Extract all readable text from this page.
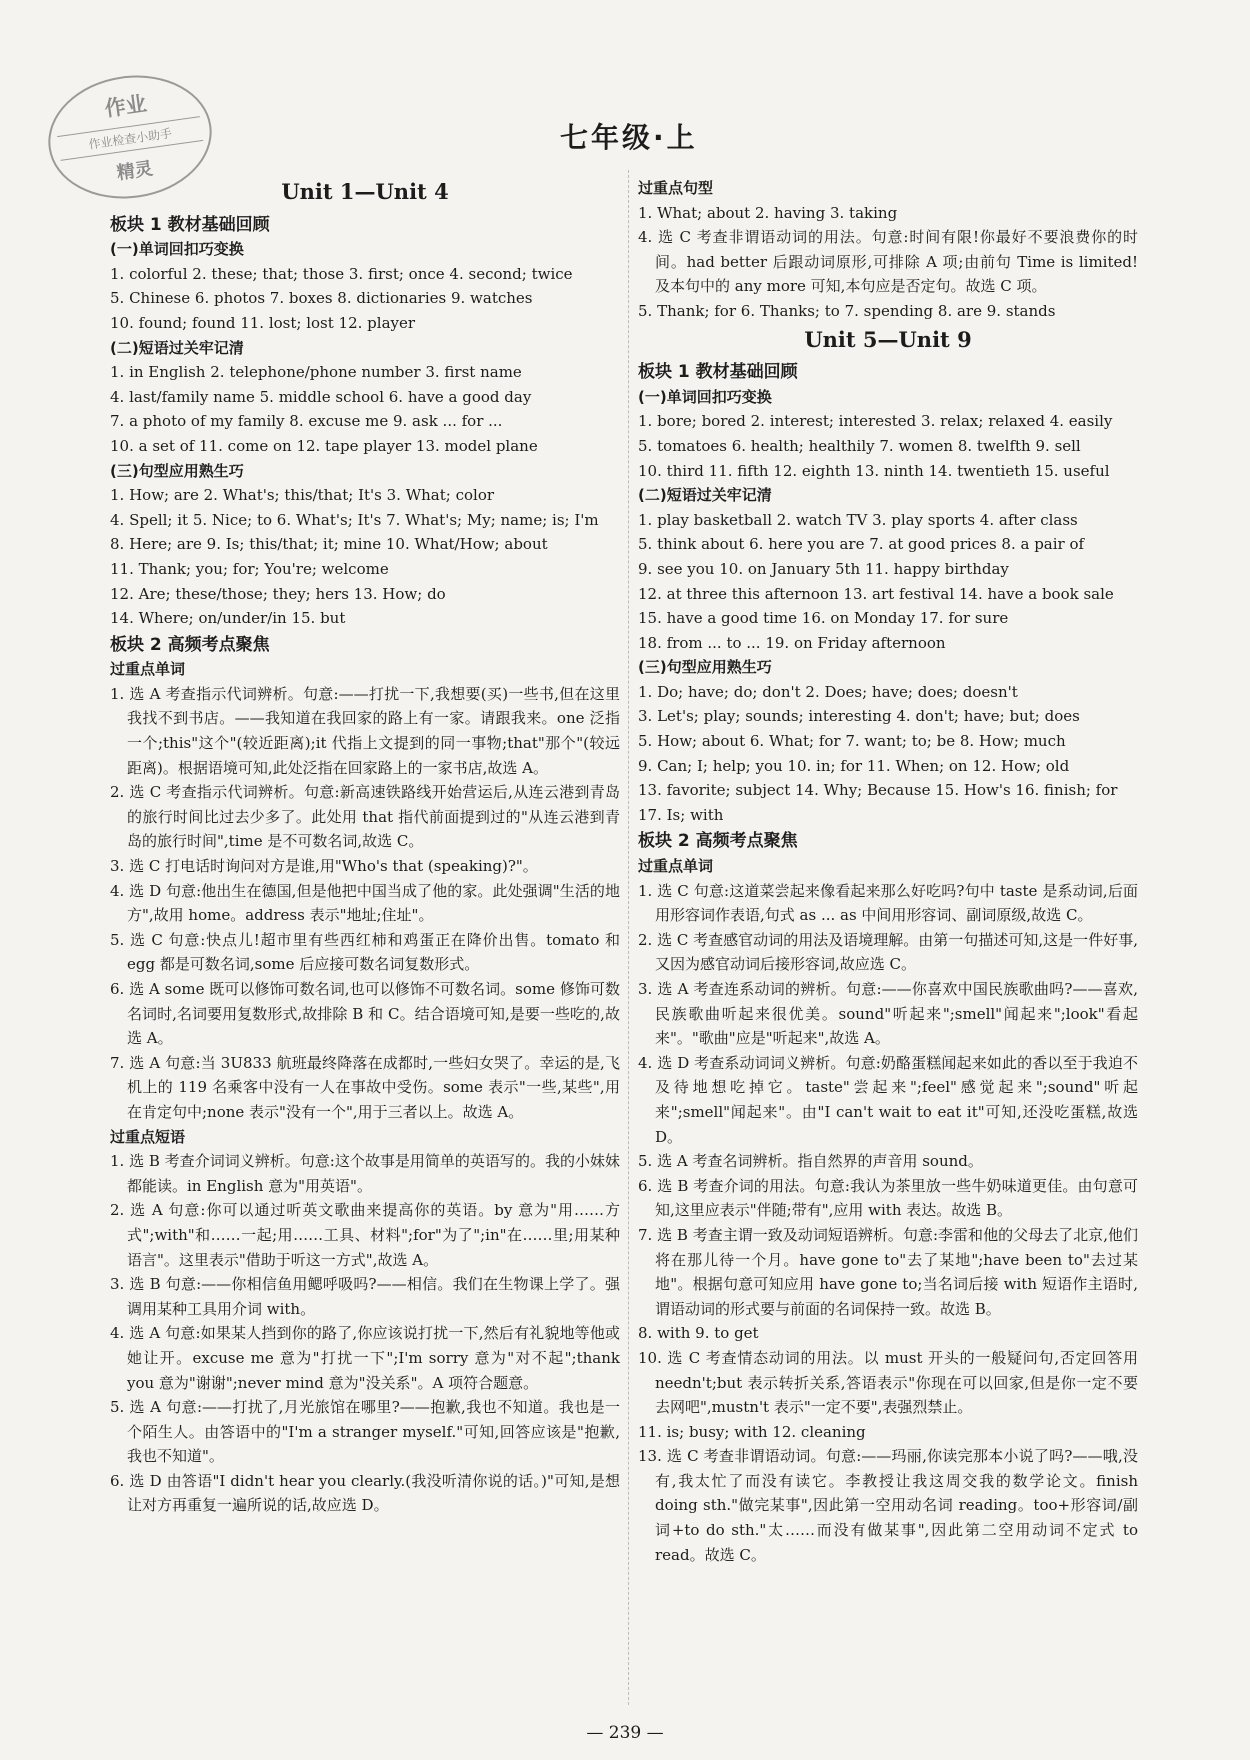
作业
作业检查小助手
精灵
七年级·上
Unit 1—Unit 4
板块 1 教材基础回顾
(一)单词回扣巧变换
1. colorful 2. these; that; those 3. first; once 4. second; twice
5. Chinese 6. photos 7. boxes 8. dictionaries 9. watches
10. found; found 11. lost; lost 12. player
(二)短语过关牢记清
1. in English 2. telephone/phone number 3. first name
4. last/family name 5. middle school 6. have a good day
7. a photo of my family 8. excuse me 9. ask ... for ...
10. a set of 11. come on 12. tape player 13. model plane
(三)句型应用熟生巧
1. How; are 2. What's; this/that; It's 3. What; color
4. Spell; it 5. Nice; to 6. What's; It's 7. What's; My; name; is; I'm
8. Here; are 9. Is; this/that; it; mine 10. What/How; about
11. Thank; you; for; You're; welcome
12. Are; these/those; they; hers 13. How; do
14. Where; on/under/in 15. but
板块 2 高频考点聚焦
过重点单词
1. 选 A 考查指示代词辨析。句意:——打扰一下,我想要(买)一些书,但在这里我找不到书店。——我知道在我回家的路上有一家。请跟我来。one 泛指一个;this"这个"(较近距离);it 代指上文提到的同一事物;that"那个"(较远距离)。根据语境可知,此处泛指在回家路上的一家书店,故选 A。
2. 选 C 考查指示代词辨析。句意:新高速铁路线开始营运后,从连云港到青岛的旅行时间比过去少多了。此处用 that 指代前面提到过的"从连云港到青岛的旅行时间",time 是不可数名词,故选 C。
3. 选 C 打电话时询问对方是谁,用"Who's that (speaking)?"。
4. 选 D 句意:他出生在德国,但是他把中国当成了他的家。此处强调"生活的地方",故用 home。address 表示"地址;住址"。
5. 选 C 句意:快点儿!超市里有些西红柿和鸡蛋正在降价出售。tomato 和 egg 都是可数名词,some 后应接可数名词复数形式。
6. 选 A some 既可以修饰可数名词,也可以修饰不可数名词。some 修饰可数名词时,名词要用复数形式,故排除 B 和 C。结合语境可知,是要一些吃的,故选 A。
7. 选 A 句意:当 3U833 航班最终降落在成都时,一些妇女哭了。幸运的是,飞机上的 119 名乘客中没有一人在事故中受伤。some 表示"一些,某些",用在肯定句中;none 表示"没有一个",用于三者以上。故选 A。
过重点短语
1. 选 B 考查介词词义辨析。句意:这个故事是用简单的英语写的。我的小妹妹都能读。in English 意为"用英语"。
2. 选 A 句意:你可以通过听英文歌曲来提高你的英语。by 意为"用……方式";with"和……一起;用……工具、材料";for"为了";in"在……里;用某种语言"。这里表示"借助于听这一方式",故选 A。
3. 选 B 句意:——你相信鱼用鳃呼吸吗?——相信。我们在生物课上学了。强调用某种工具用介词 with。
4. 选 A 句意:如果某人挡到你的路了,你应该说打扰一下,然后有礼貌地等他或她让开。excuse me 意为"打扰一下";I'm sorry 意为"对不起";thank you 意为"谢谢";never mind 意为"没关系"。A 项符合题意。
5. 选 A 句意:——打扰了,月光旅馆在哪里?——抱歉,我也不知道。我也是一个陌生人。由答语中的"I'm a stranger myself."可知,回答应该是"抱歉,我也不知道"。
6. 选 D 由答语"I didn't hear you clearly.(我没听清你说的话。)"可知,是想让对方再重复一遍所说的话,故应选 D。
过重点句型
1. What; about 2. having 3. taking
4. 选 C 考查非谓语动词的用法。句意:时间有限!你最好不要浪费你的时间。had better 后跟动词原形,可排除 A 项;由前句 Time is limited! 及本句中的 any more 可知,本句应是否定句。故选 C 项。
5. Thank; for 6. Thanks; to 7. spending 8. are 9. stands
Unit 5—Unit 9
板块 1 教材基础回顾
(一)单词回扣巧变换
1. bore; bored 2. interest; interested 3. relax; relaxed 4. easily
5. tomatoes 6. health; healthily 7. women 8. twelfth 9. sell
10. third 11. fifth 12. eighth 13. ninth 14. twentieth 15. useful
(二)短语过关牢记清
1. play basketball 2. watch TV 3. play sports 4. after class
5. think about 6. here you are 7. at good prices 8. a pair of
9. see you 10. on January 5th 11. happy birthday
12. at three this afternoon 13. art festival 14. have a book sale
15. have a good time 16. on Monday 17. for sure
18. from ... to ... 19. on Friday afternoon
(三)句型应用熟生巧
1. Do; have; do; don't 2. Does; have; does; doesn't
3. Let's; play; sounds; interesting 4. don't; have; but; does
5. How; about 6. What; for 7. want; to; be 8. How; much
9. Can; I; help; you 10. in; for 11. When; on 12. How; old
13. favorite; subject 14. Why; Because 15. How's 16. finish; for
17. Is; with
板块 2 高频考点聚焦
过重点单词
1. 选 C 句意:这道菜尝起来像看起来那么好吃吗?句中 taste 是系动词,后面用形容词作表语,句式 as ... as 中间用形容词、副词原级,故选 C。
2. 选 C 考查感官动词的用法及语境理解。由第一句描述可知,这是一件好事,又因为感官动词后接形容词,故应选 C。
3. 选 A 考查连系动词的辨析。句意:——你喜欢中国民族歌曲吗?——喜欢,民族歌曲听起来很优美。sound"听起来";smell"闻起来";look"看起来"。"歌曲"应是"听起来",故选 A。
4. 选 D 考查系动词词义辨析。句意:奶酪蛋糕闻起来如此的香以至于我迫不及待地想吃掉它。taste"尝起来";feel"感觉起来";sound"听起来";smell"闻起来"。由"I can't wait to eat it"可知,还没吃蛋糕,故选 D。
5. 选 A 考查名词辨析。指自然界的声音用 sound。
6. 选 B 考查介词的用法。句意:我认为茶里放一些牛奶味道更佳。由句意可知,这里应表示"伴随;带有",应用 with 表达。故选 B。
7. 选 B 考查主谓一致及动词短语辨析。句意:李雷和他的父母去了北京,他们将在那儿待一个月。have gone to"去了某地";have been to"去过某地"。根据句意可知应用 have gone to;当名词后接 with 短语作主语时,谓语动词的形式要与前面的名词保持一致。故选 B。
8. with 9. to get
10. 选 C 考查情态动词的用法。以 must 开头的一般疑问句,否定回答用 needn't;but 表示转折关系,答语表示"你现在可以回家,但是你一定不要去网吧",mustn't 表示"一定不要",表强烈禁止。
11. is; busy; with 12. cleaning
13. 选 C 考查非谓语动词。句意:——玛丽,你读完那本小说了吗?——哦,没有,我太忙了而没有读它。李教授让我这周交我的数学论文。finish doing sth."做完某事",因此第一空用动名词 reading。too+形容词/副词+to do sth."太……而没有做某事",因此第二空用动词不定式 to read。故选 C。
— 239 —
